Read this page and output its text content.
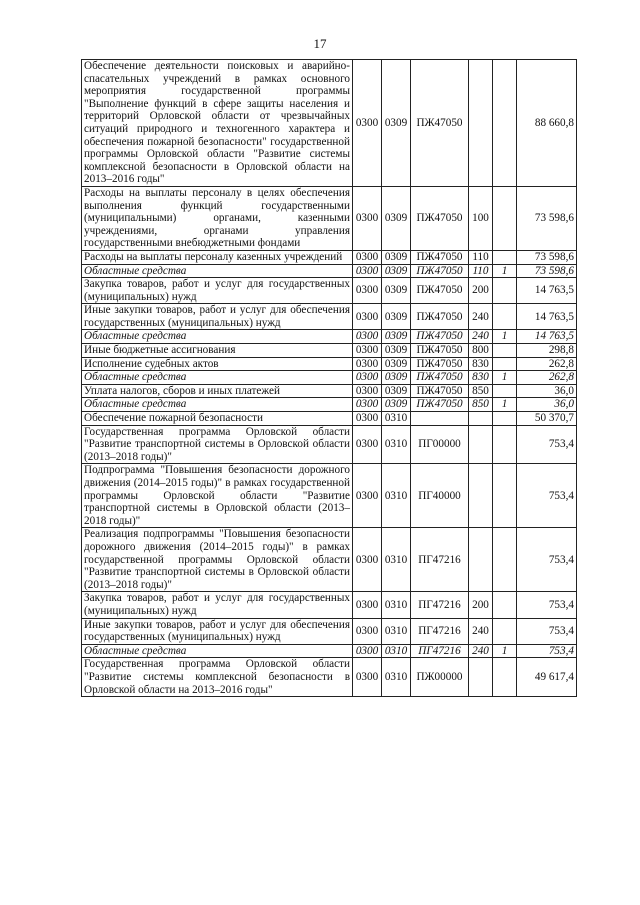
17
Обеспечение деятельности поисковых и аварийно-спасательных учреждений в рамках основного мероприятия государственной программы "Выполнение функций в сфере защиты населения и территорий Орловской области от чрезвычайных ситуаций природного и техногенного характера и обеспечения пожарной безопасности" государственной программы Орловской области "Развитие системы комплексной безопасности в Орловской области на 2013–2016 годы"	0300	0309	ПЖ47050			88 660,8
Расходы на выплаты персоналу в целях обеспечения выполнения функций государственными (муниципальными) органами, казенными учреждениями, органами управления государственными внебюджетными фондами	0300	0309	ПЖ47050	100		73 598,6
Расходы на выплаты персоналу казенных учреждений	0300	0309	ПЖ47050	110		73 598,6
Областные средства	0300	0309	ПЖ47050	110	1	73 598,6
Закупка товаров, работ и услуг для государственных (муниципальных) нужд	0300	0309	ПЖ47050	200		14 763,5
Иные закупки товаров, работ и услуг для обеспечения государственных (муниципальных) нужд	0300	0309	ПЖ47050	240		14 763,5
Областные средства	0300	0309	ПЖ47050	240	1	14 763,5
Иные бюджетные ассигнования	0300	0309	ПЖ47050	800		298,8
Исполнение судебных актов	0300	0309	ПЖ47050	830		262,8
Областные средства	0300	0309	ПЖ47050	830	1	262,8
Уплата налогов, сборов и иных платежей	0300	0309	ПЖ47050	850		36,0
Областные средства	0300	0309	ПЖ47050	850	1	36,0
Обеспечение пожарной безопасности	0300	0310				50 370,7
Государственная программа Орловской области "Развитие транспортной системы в Орловской области (2013–2018 годы)"	0300	0310	ПГ00000			753,4
Подпрограмма "Повышения безопасности дорожного движения (2014–2015 годы)" в рамках государственной программы Орловской области "Развитие транспортной системы в Орловской области (2013–2018 годы)"	0300	0310	ПГ40000			753,4
Реализация подпрограммы "Повышения безопасности дорожного движения (2014–2015 годы)" в рамках государственной программы Орловской области "Развитие транспортной системы в Орловской области (2013–2018 годы)"	0300	0310	ПГ47216			753,4
Закупка товаров, работ и услуг для государственных (муниципальных) нужд	0300	0310	ПГ47216	200		753,4
Иные закупки товаров, работ и услуг для обеспечения государственных (муниципальных) нужд	0300	0310	ПГ47216	240		753,4
Областные средства	0300	0310	ПГ47216	240	1	753,4
Государственная программа Орловской области "Развитие системы комплексной безопасности в Орловской области на 2013–2016 годы"	0300	0310	ПЖ00000			49 617,4
